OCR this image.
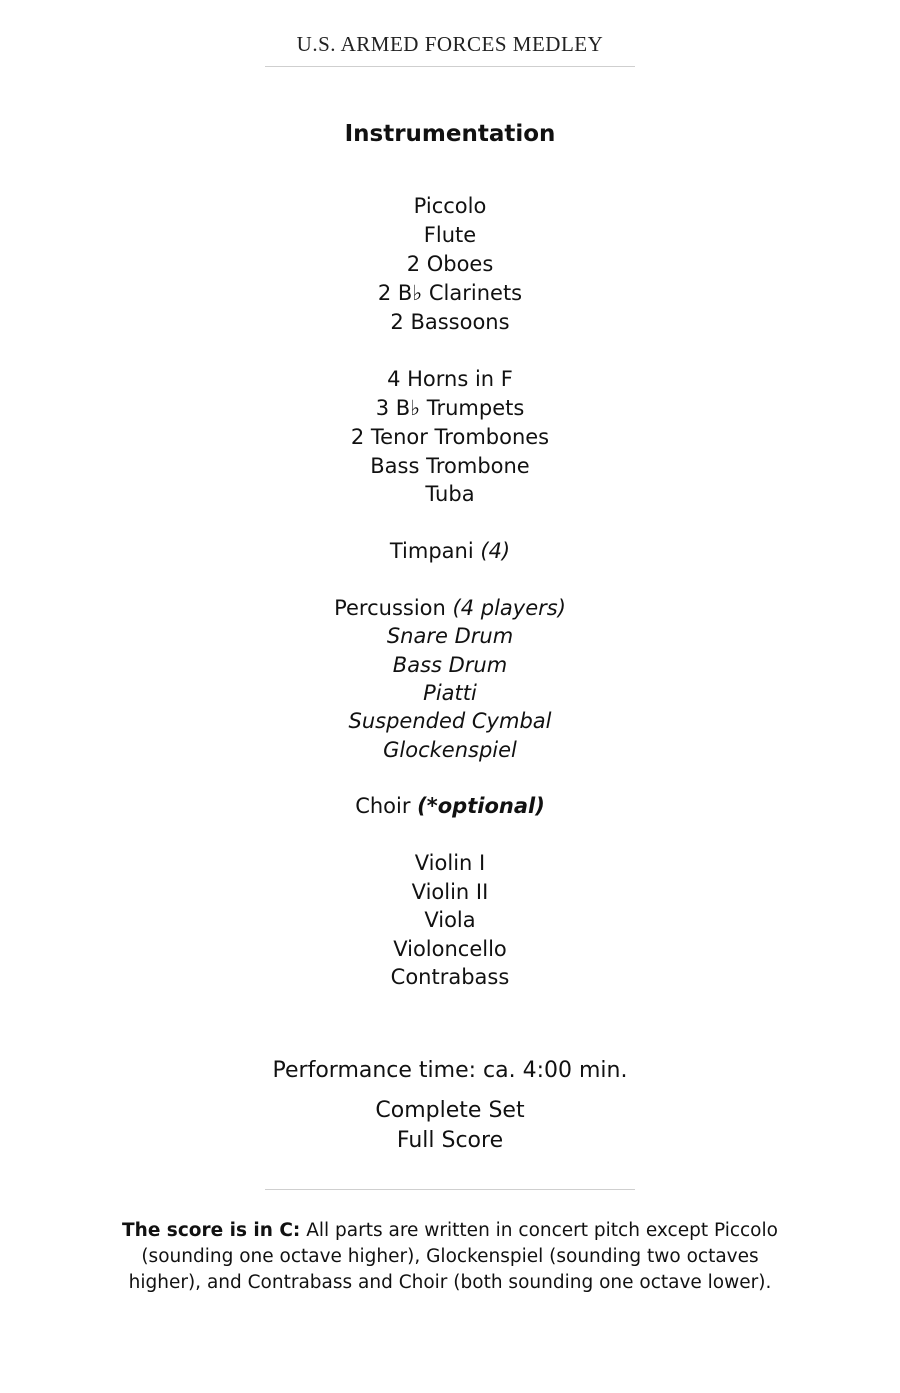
U.S. ARMED FORCES MEDLEY
Instrumentation
Piccolo
Flute
2 Oboes
2 B♭ Clarinets
2 Bassoons
4 Horns in F
3 B♭ Trumpets
2 Tenor Trombones
Bass Trombone
Tuba
Timpani (4)
Percussion (4 players)
Snare Drum
Bass Drum
Piatti
Suspended Cymbal
Glockenspiel
Choir (*optional)
Violin I
Violin II
Viola
Violoncello
Contrabass
Performance time: ca. 4:00 min.
Complete Set
Full Score
The score is in C: All parts are written in concert pitch except Piccolo (sounding one octave higher), Glockenspiel (sounding two octaves higher), and Contrabass and Choir (both sounding one octave lower).
